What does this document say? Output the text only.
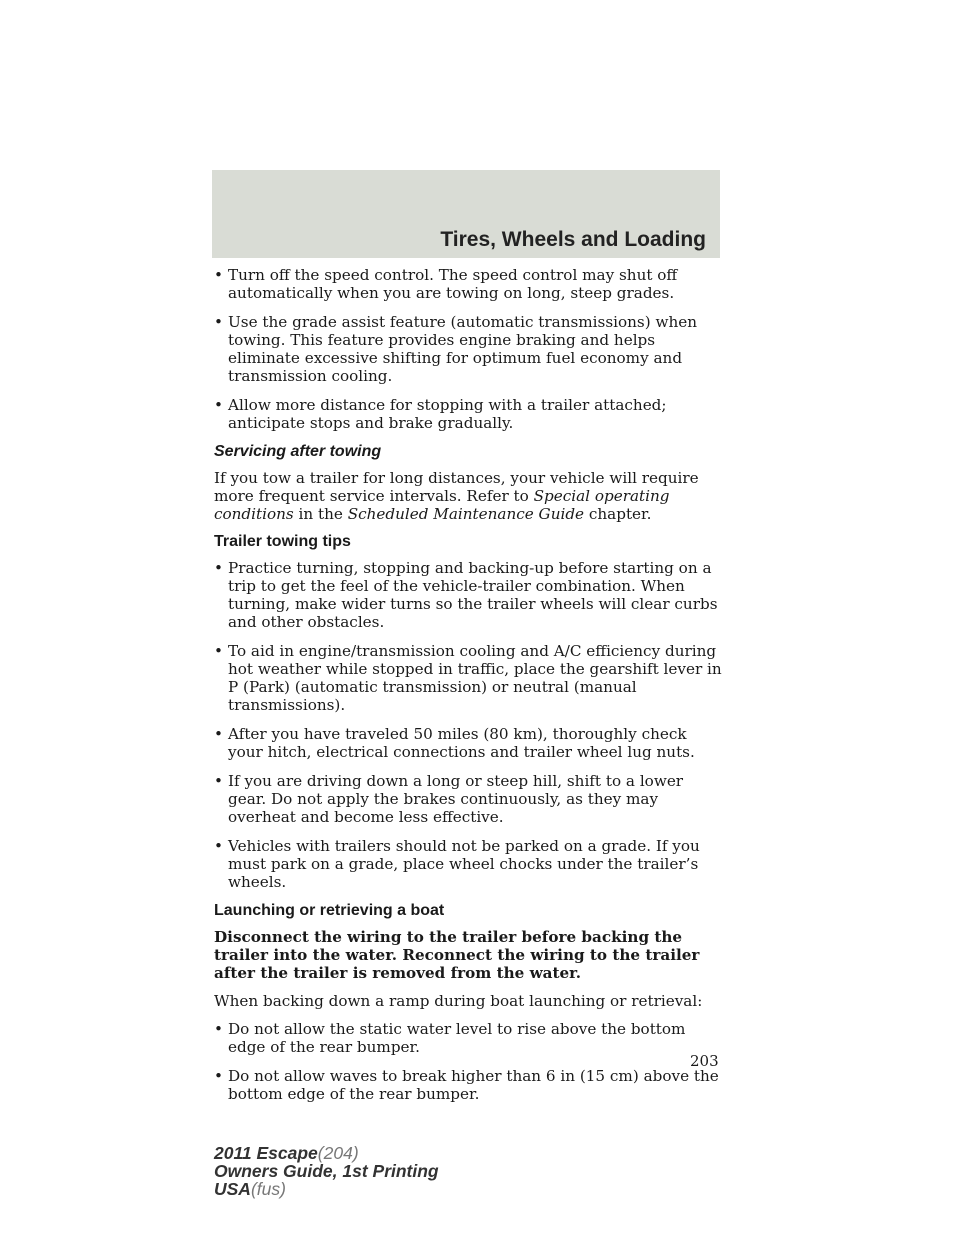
Tires, Wheels and Loading
• Turn off the speed control. The speed control may shut off automatically when you are towing on long, steep grades.
• Use the grade assist feature (automatic transmissions) when towing. This feature provides engine braking and helps eliminate excessive shifting for optimum fuel economy and transmission cooling.
• Allow more distance for stopping with a trailer attached; anticipate stops and brake gradually.
Servicing after towing

If you tow a trailer for long distances, your vehicle will require more frequent service intervals. Refer to Special operating conditions in the Scheduled Maintenance Guide chapter.

Trailer towing tips
• Practice turning, stopping and backing-up before starting on a trip to get the feel of the vehicle-trailer combination. When turning, make wider turns so the trailer wheels will clear curbs and other obstacles.
• To aid in engine/transmission cooling and A/C efficiency during hot weather while stopped in traffic, place the gearshift lever in P (Park) (automatic transmission) or neutral (manual transmissions).
• After you have traveled 50 miles (80 km), thoroughly check your hitch, electrical connections and trailer wheel lug nuts.
• If you are driving down a long or steep hill, shift to a lower gear. Do not apply the brakes continuously, as they may overheat and become less effective.
• Vehicles with trailers should not be parked on a grade. If you must park on a grade, place wheel chocks under the trailer’s wheels.
Launching or retrieving a boat

Disconnect the wiring to the trailer before backing the trailer into the water. Reconnect the wiring to the trailer after the trailer is removed from the water.

When backing down a ramp during boat launching or retrieval:

• Do not allow the static water level to rise above the bottom edge of the rear bumper.
• Do not allow waves to break higher than 6 in (15 cm) above the bottom edge of the rear bumper.
203
2011 Escape(204)
Owners Guide, 1st Printing
USA(fus)
